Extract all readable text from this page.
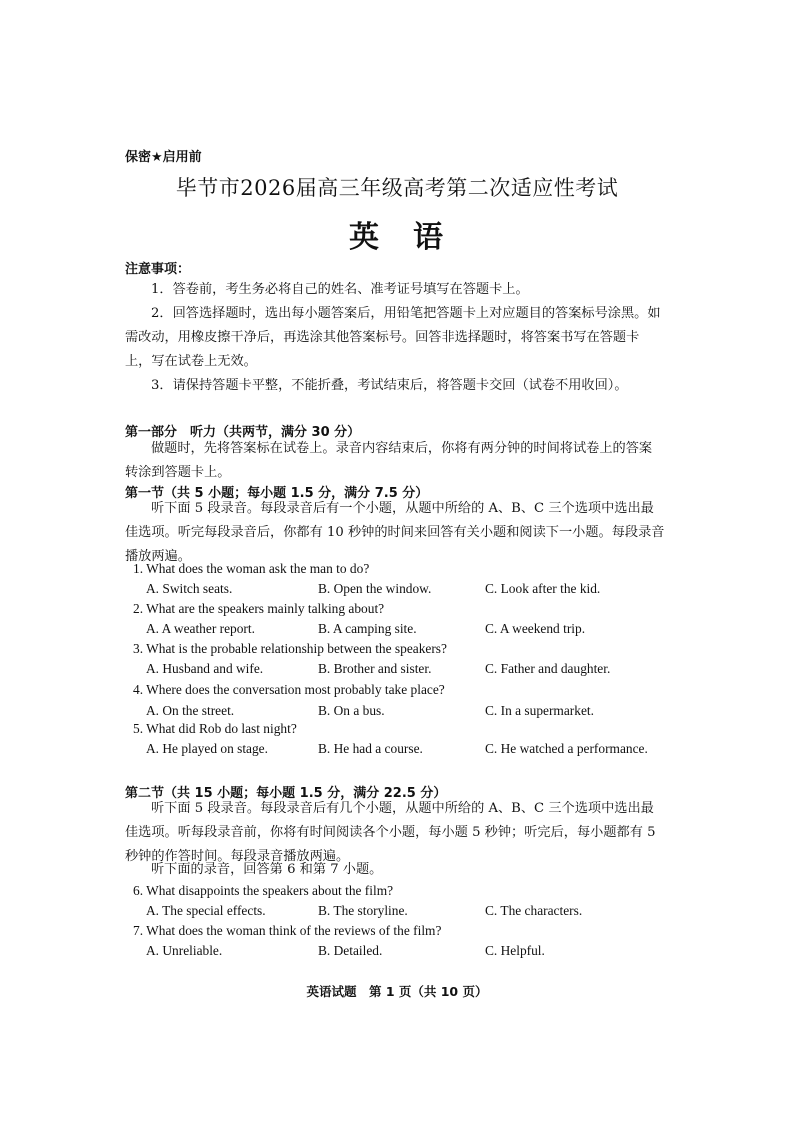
保密★启用前
毕节市2026届高三年级高考第二次适应性考试
英　语
注意事项：
1．答卷前，考生务必将自己的姓名、准考证号填写在答题卡上。
2．回答选择题时，选出每小题答案后，用铅笔把答题卡上对应题目的答案标号涂黑。如需改动，用橡皮擦干净后，再选涂其他答案标号。回答非选择题时，将答案书写在答题卡上，写在试卷上无效。
3．请保持答题卡平整，不能折叠，考试结束后，将答题卡交回（试卷不用收回）。
第一部分　听力（共两节，满分 30 分）
做题时，先将答案标在试卷上。录音内容结束后，你将有两分钟的时间将试卷上的答案转涂到答题卡上。
第一节（共 5 小题；每小题 1.5 分，满分 7.5 分）
听下面 5 段录音。每段录音后有一个小题，从题中所给的 A、B、C 三个选项中选出最佳选项。听完每段录音后，你都有 10 秒钟的时间来回答有关小题和阅读下一小题。每段录音播放两遍。
1. What does the woman ask the man to do?
A. Switch seats.	B. Open the window.	C. Look after the kid.
2. What are the speakers mainly talking about?
A. A weather report.	B. A camping site.	C. A weekend trip.
3. What is the probable relationship between the speakers?
A. Husband and wife.	B. Brother and sister.	C. Father and daughter.
4. Where does the conversation most probably take place?
A. On the street.	B. On a bus.	C. In a supermarket.
5. What did Rob do last night?
A. He played on stage.	B. He had a course.	C. He watched a performance.
第二节（共 15 小题；每小题 1.5 分，满分 22.5 分）
听下面 5 段录音。每段录音后有几个小题，从题中所给的 A、B、C 三个选项中选出最佳选项。听每段录音前，你将有时间阅读各个小题，每小题 5 秒钟；听完后，每小题都有 5 秒钟的作答时间。每段录音播放两遍。
听下面的录音，回答第 6 和第 7 小题。
6. What disappoints the speakers about the film?
A. The special effects.	B. The storyline.	C. The characters.
7. What does the woman think of the reviews of the film?
A. Unreliable.	B. Detailed.	C. Helpful.
英语试题　第 1 页（共 10 页）
